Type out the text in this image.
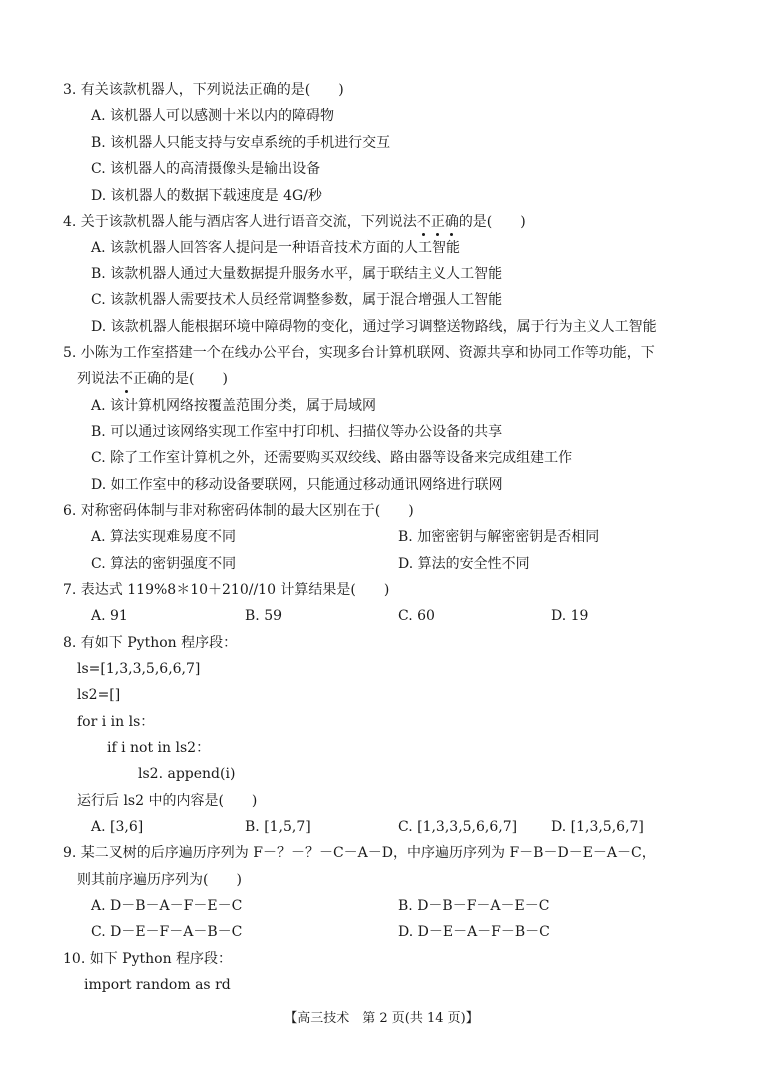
3. 有关该款机器人，下列说法正确的是(　　)
A. 该机器人可以感测十米以内的障碍物
B. 该机器人只能支持与安卓系统的手机进行交互
C. 该机器人的高清摄像头是输出设备
D. 该机器人的数据下载速度是 4G/秒
4. 关于该款机器人能与酒店客人进行语音交流，下列说法不正确的是(　　)
A. 该款机器人回答客人提问是一种语音技术方面的人工智能
B. 该款机器人通过大量数据提升服务水平，属于联结主义人工智能
C. 该款机器人需要技术人员经常调整参数，属于混合增强人工智能
D. 该款机器人能根据环境中障碍物的变化，通过学习调整送物路线，属于行为主义人工智能
5. 小陈为工作室搭建一个在线办公平台，实现多台计算机联网、资源共享和协同工作等功能，下
列说法不正确的是(　　)
A. 该计算机网络按覆盖范围分类，属于局域网
B. 可以通过该网络实现工作室中打印机、扫描仪等办公设备的共享
C. 除了工作室计算机之外，还需要购买双绞线、路由器等设备来完成组建工作
D. 如工作室中的移动设备要联网，只能通过移动通讯网络进行联网
6. 对称密码体制与非对称密码体制的最大区别在于(　　)
A. 算法实现难易度不同	B. 加密密钥与解密密钥是否相同
C. 算法的密钥强度不同	D. 算法的安全性不同
7. 表达式 119%8＊10＋210//10 计算结果是(　　)
A. 91	B. 59	C. 60	D. 19
8. 有如下 Python 程序段：
ls=[1,3,3,5,6,6,7]
ls2=[]
for i in ls：
if i not in ls2：
ls2. append(i)
运行后 ls2 中的内容是(　　)
A. [3,6]	B. [1,5,7]	C. [1,3,3,5,6,6,7] D. [1,3,5,6,7]
9. 某二叉树的后序遍历序列为 F－？－？－C－A－D，中序遍历序列为 F－B－D－E－A－C，
则其前序遍历序列为(　　)
A. D－B－A－F－E－C	B. D－B－F－A－E－C
C. D－E－F－A－B－C	D. D－E－A－F－B－C
10. 如下 Python 程序段：
import random as rd
【高三技术　第 2 页(共 14 页)】
